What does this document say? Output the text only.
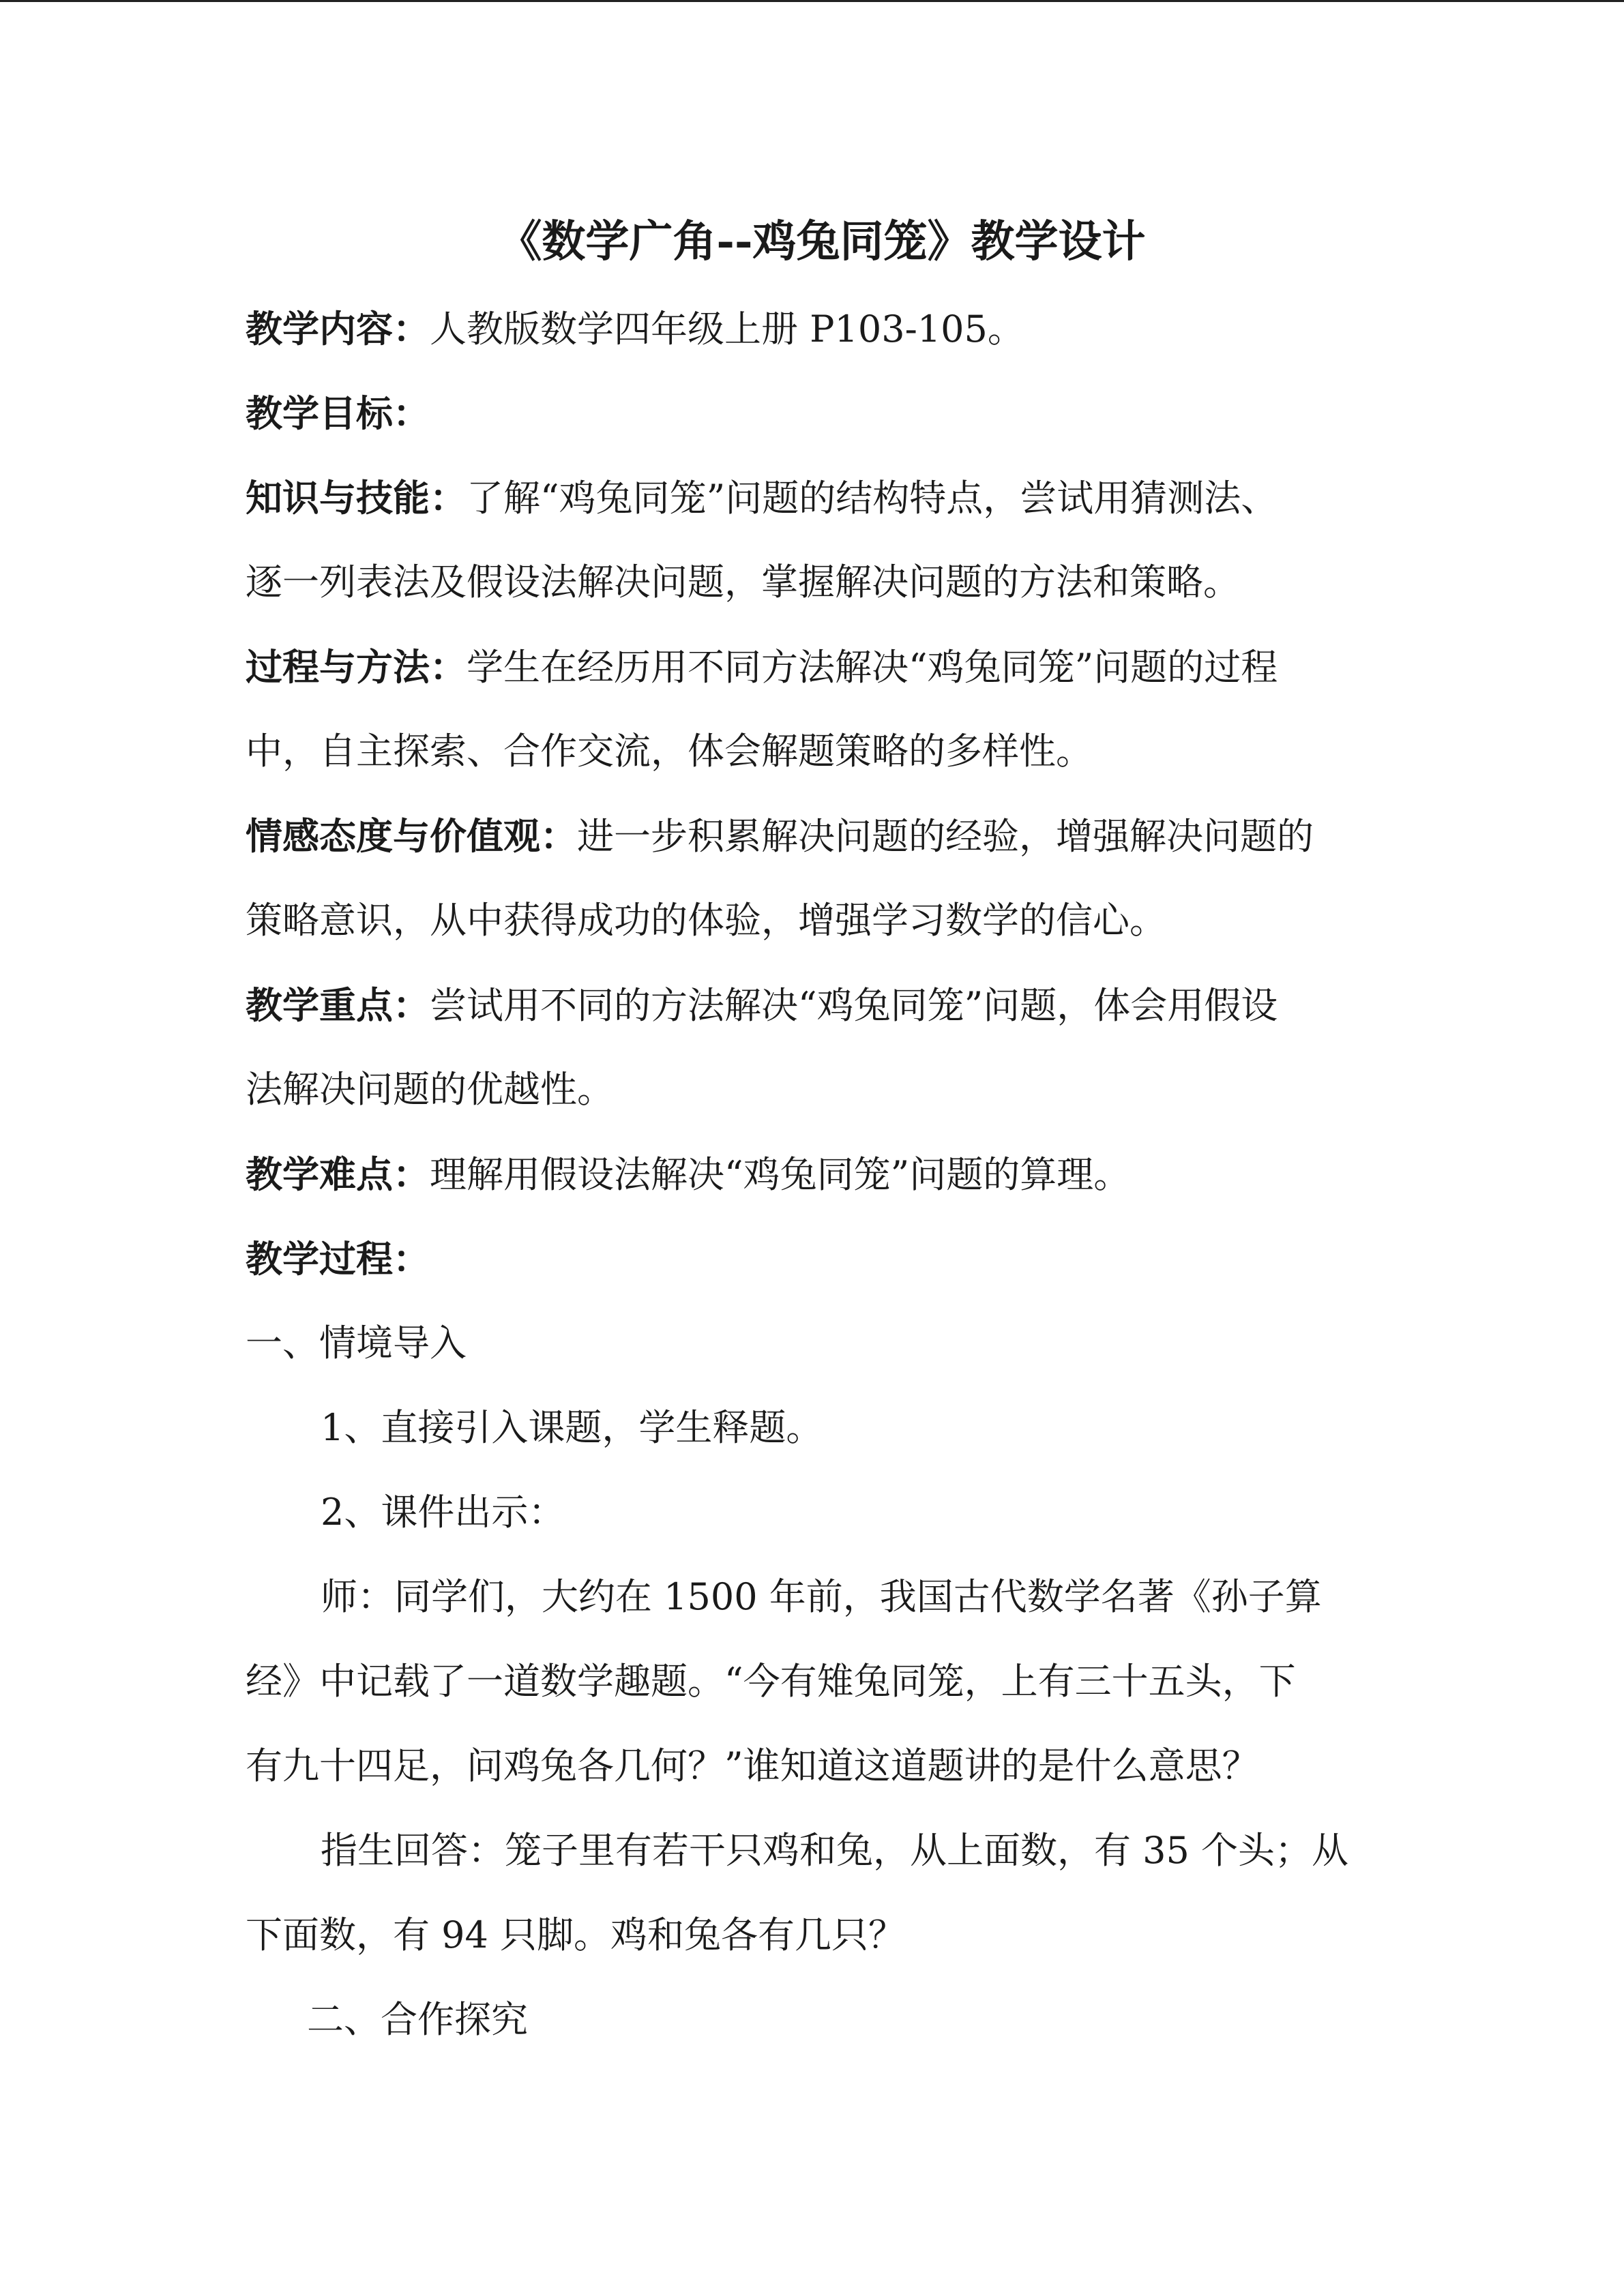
《数学广角--鸡兔同笼》教学设计
教学内容：人教版数学四年级上册 P103-105。
教学目标：
知识与技能：了解“鸡兔同笼”问题的结构特点，尝试用猜测法、
逐一列表法及假设法解决问题，掌握解决问题的方法和策略。
过程与方法：学生在经历用不同方法解决“鸡兔同笼”问题的过程
中，自主探索、合作交流，体会解题策略的多样性。
情感态度与价值观：进一步积累解决问题的经验，增强解决问题的
策略意识，从中获得成功的体验，增强学习数学的信心。
教学重点：尝试用不同的方法解决“鸡兔同笼”问题，体会用假设
法解决问题的优越性。
教学难点：理解用假设法解决“鸡兔同笼”问题的算理。
教学过程：
一、情境导入
1、直接引入课题，学生释题。
2、课件出示：
师：同学们，大约在 1500 年前，我国古代数学名著《孙子算
经》中记载了一道数学趣题。“今有雉兔同笼，上有三十五头，下
有九十四足，问鸡兔各几何？”谁知道这道题讲的是什么意思？
指生回答：笼子里有若干只鸡和兔，从上面数，有 35 个头；从
下面数，有 94 只脚。鸡和兔各有几只？
二、合作探究
